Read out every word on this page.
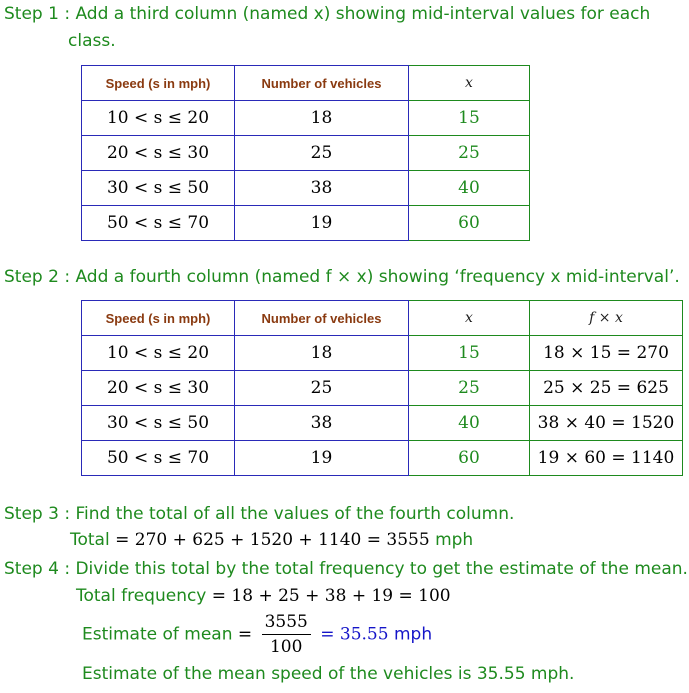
Step 1 : Add a third column (named x) showing mid-interval values for each
class.
Speed (s in mph)	Number of vehicles	x
10 < s ≤ 20	18	15
20 < s ≤ 30	25	25
30 < s ≤ 50	38	40
50 < s ≤ 70	19	60
Step 2 : Add a fourth column (named f × x) showing ‘frequency x mid-interval’.
Speed (s in mph)	Number of vehicles	x	f × x
10 < s ≤ 20	18	15	18 × 15 = 270
20 < s ≤ 30	25	25	25 × 25 = 625
30 < s ≤ 50	38	40	38 × 40 = 1520
50 < s ≤ 70	19	60	19 × 60 = 1140
Step 3 : Find the total of all the values of the fourth column.
Total = 270 + 625 + 1520 + 1140 = 3555 mph
Step 4 : Divide this total by the total frequency to get the estimate of the mean.
Total frequency = 18 + 25 + 38 + 19 = 100
Estimate of mean = $\frac{3555}{100} = 35.55$ mph
Estimate of the mean speed of the vehicles is 35.55 mph.
